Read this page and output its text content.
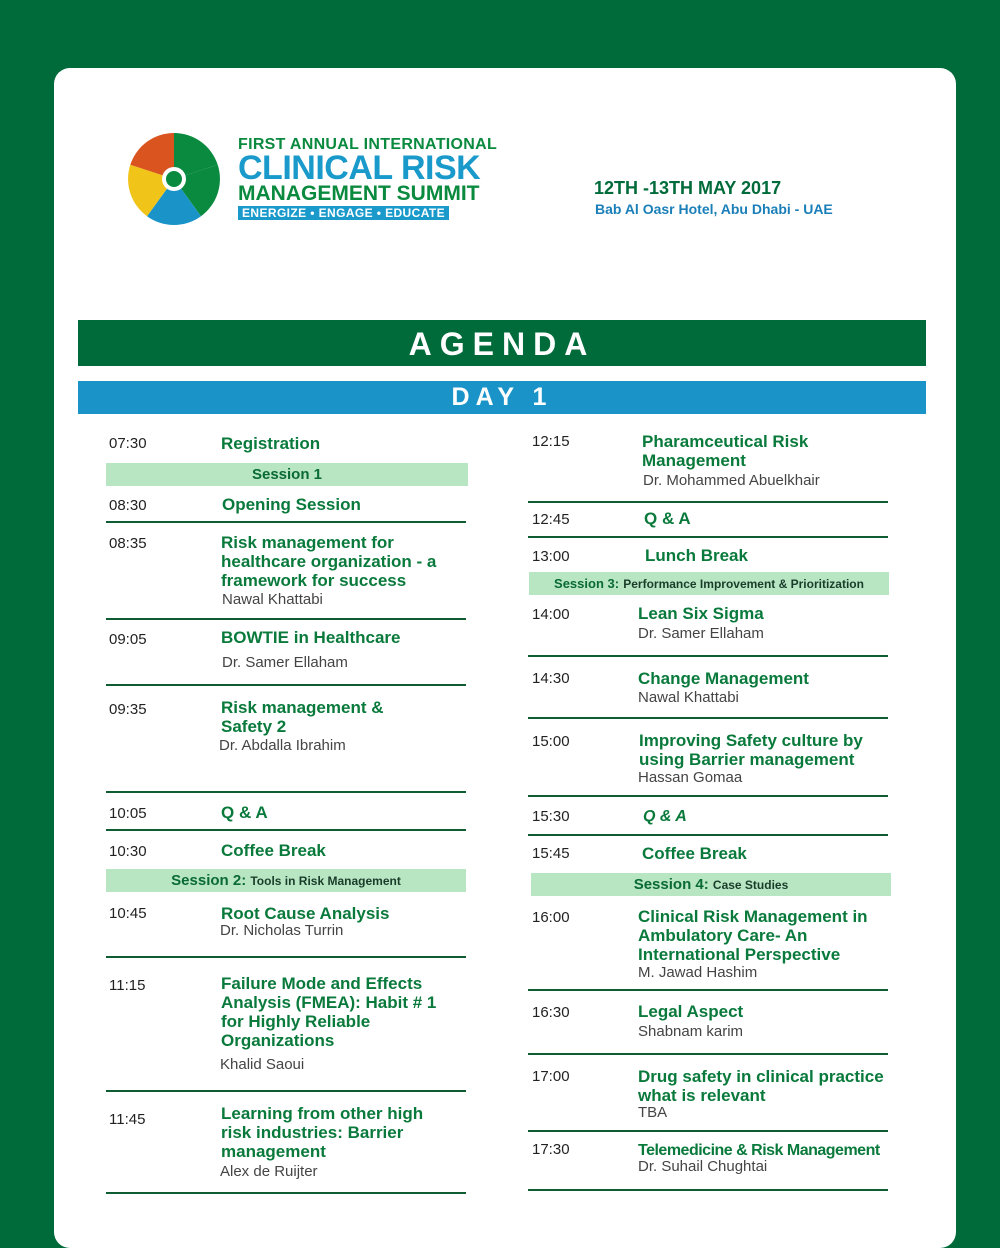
FIRST ANNUAL INTERNATIONAL
CLINICAL RISK
MANAGEMENT SUMMIT
ENERGIZE • ENGAGE • EDUCATE
12TH -13TH MAY 2017
Bab Al Oasr Hotel, Abu Dhabi - UAE
AGENDA
DAY 1
07:30	Registration
Session 1
08:30	Opening Session
08:35	Risk management for healthcare organization - a framework for success
Nawal Khattabi
09:05	BOWTIE in Healthcare
Dr. Samer Ellaham
09:35	Risk management & Safety 2
Dr. Abdalla Ibrahim
10:05	Q & A
10:30	Coffee Break
Session 2: Tools in Risk Management
10:45	Root Cause Analysis
Dr. Nicholas Turrin
11:15	Failure Mode and Effects Analysis (FMEA): Habit # 1 for Highly Reliable Organizations
Khalid Saoui
11:45	Learning from other high risk industries: Barrier management
Alex de Ruijter
12:15	Pharamceutical Risk Management
Dr. Mohammed Abuelkhair
12:45	Q & A
13:00	Lunch Break
Session 3: Performance Improvement & Prioritization
14:00	Lean Six Sigma
Dr. Samer Ellaham
14:30	Change Management
Nawal Khattabi
15:00	Improving Safety culture by using Barrier management
Hassan Gomaa
15:30	Q & A
15:45	Coffee Break
Session 4: Case Studies
16:00	Clinical Risk Management in Ambulatory Care- An International Perspective
M. Jawad Hashim
16:30	Legal Aspect
Shabnam karim
17:00	Drug safety in clinical practice what is relevant
TBA
17:30	Telemedicine & Risk Management
Dr. Suhail Chughtai
